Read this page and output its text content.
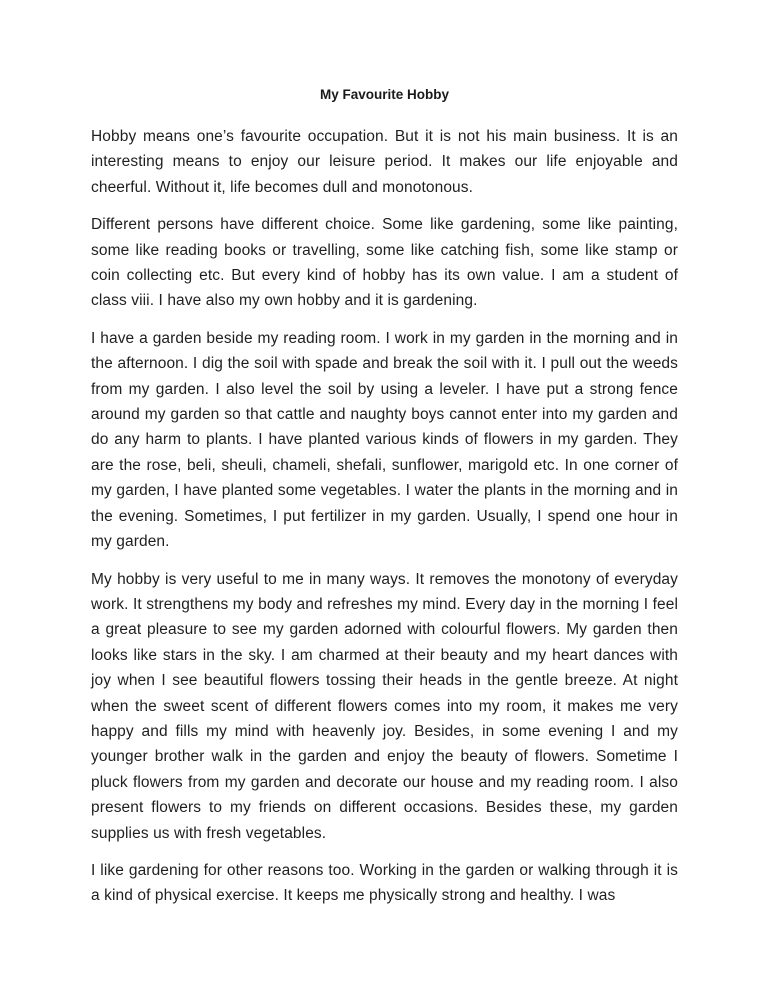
My Favourite Hobby

Hobby means one’s favourite occupation. But it is not his main business. It is an interesting means to enjoy our leisure period. It makes our life enjoyable and cheerful. Without it, life becomes dull and monotonous.

Different persons have different choice. Some like gardening, some like painting, some like reading books or travelling, some like catching fish, some like stamp or coin collecting etc. But every kind of hobby has its own value. I am a student of class viii. I have also my own hobby and it is gardening.

I have a garden beside my reading room. I work in my garden in the morning and in the afternoon. I dig the soil with spade and break the soil with it. I pull out the weeds from my garden. I also level the soil by using a leveler. I have put a strong fence around my garden so that cattle and naughty boys cannot enter into my garden and do any harm to plants. I have planted various kinds of flowers in my garden. They are the rose, beli, sheuli, chameli, shefali, sunflower, marigold etc. In one corner of my garden, I have planted some vegetables. I water the plants in the morning and in the evening. Sometimes, I put fertilizer in my garden. Usually, I spend one hour in my garden.

My hobby is very useful to me in many ways. It removes the monotony of everyday work. It strengthens my body and refreshes my mind. Every day in the morning I feel a great pleasure to see my garden adorned with colourful flowers. My garden then looks like stars in the sky. I am charmed at their beauty and my heart dances with joy when I see beautiful flowers tossing their heads in the gentle breeze. At night when the sweet scent of different flowers comes into my room, it makes me very happy and fills my mind with heavenly joy. Besides, in some evening I and my younger brother walk in the garden and enjoy the beauty of flowers. Sometime I pluck flowers from my garden and decorate our house and my reading room. I also present flowers to my friends on different occasions. Besides these, my garden supplies us with fresh vegetables.

I like gardening for other reasons too. Working in the garden or walking through it is a kind of physical exercise. It keeps me physically strong and healthy. I was
